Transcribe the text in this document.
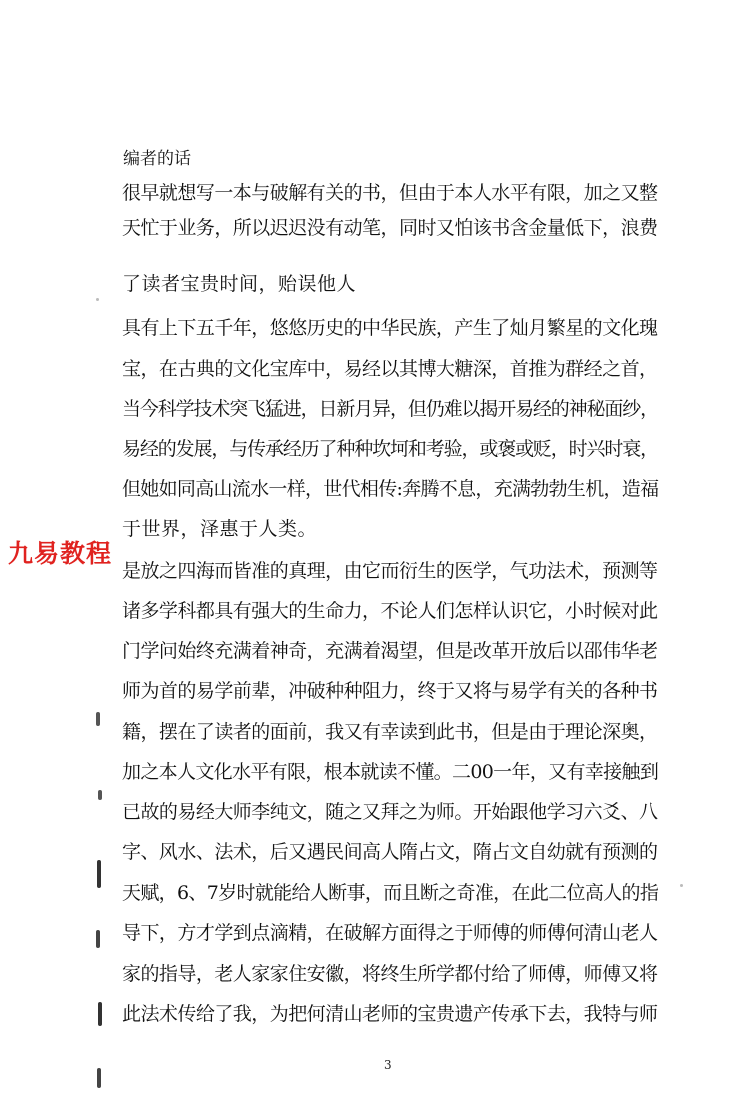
编者的话
很早就想写一本与破解有关的书，但由于本人水平有限，加之又整
天忙于业务，所以迟迟没有动笔，同时又怕该书含金量低下，浪费
了读者宝贵时间，贻误他人
具有上下五千年，悠悠历史的中华民族，产生了灿月繁星的文化瑰
宝，在古典的文化宝库中，易经以其博大糖深，首推为群经之首，
当今科学技术突飞猛进，日新月异，但仍难以揭开易经的神秘面纱，
易经的发展，与传承经历了种种坎坷和考验，或褒或贬，时兴时衰，
但她如同高山流水一样，世代相传:奔腾不息，充满勃勃生机，造福
于世界，泽惠于人类。
九易教程
是放之四海而皆准的真理，由它而衍生的医学，气功法术，预测等
诸多学科都具有强大的生命力，不论人们怎样认识它，小时候对此
门学问始终充满着神奇，充满着渴望，但是改革开放后以邵伟华老
师为首的易学前辈，冲破种种阻力，终于又将与易学有关的各种书
籍，摆在了读者的面前，我又有幸读到此书，但是由于理论深奥，
加之本人文化水平有限，根本就读不懂。二00一年，又有幸接触到
已故的易经大师李纯文，随之又拜之为师。开始跟他学习六爻、八
字、风水、法术，后又遇民间高人隋占文，隋占文自幼就有预测的
天赋，6、7岁时就能给人断事，而且断之奇准，在此二位高人的指
导下，方才学到点滴精，在破解方面得之于师傅的师傅何清山老人
家的指导，老人家家住安徽，将终生所学都付给了师傅，师傅又将
此法术传给了我，为把何清山老师的宝贵遗产传承下去，我特与师
3
